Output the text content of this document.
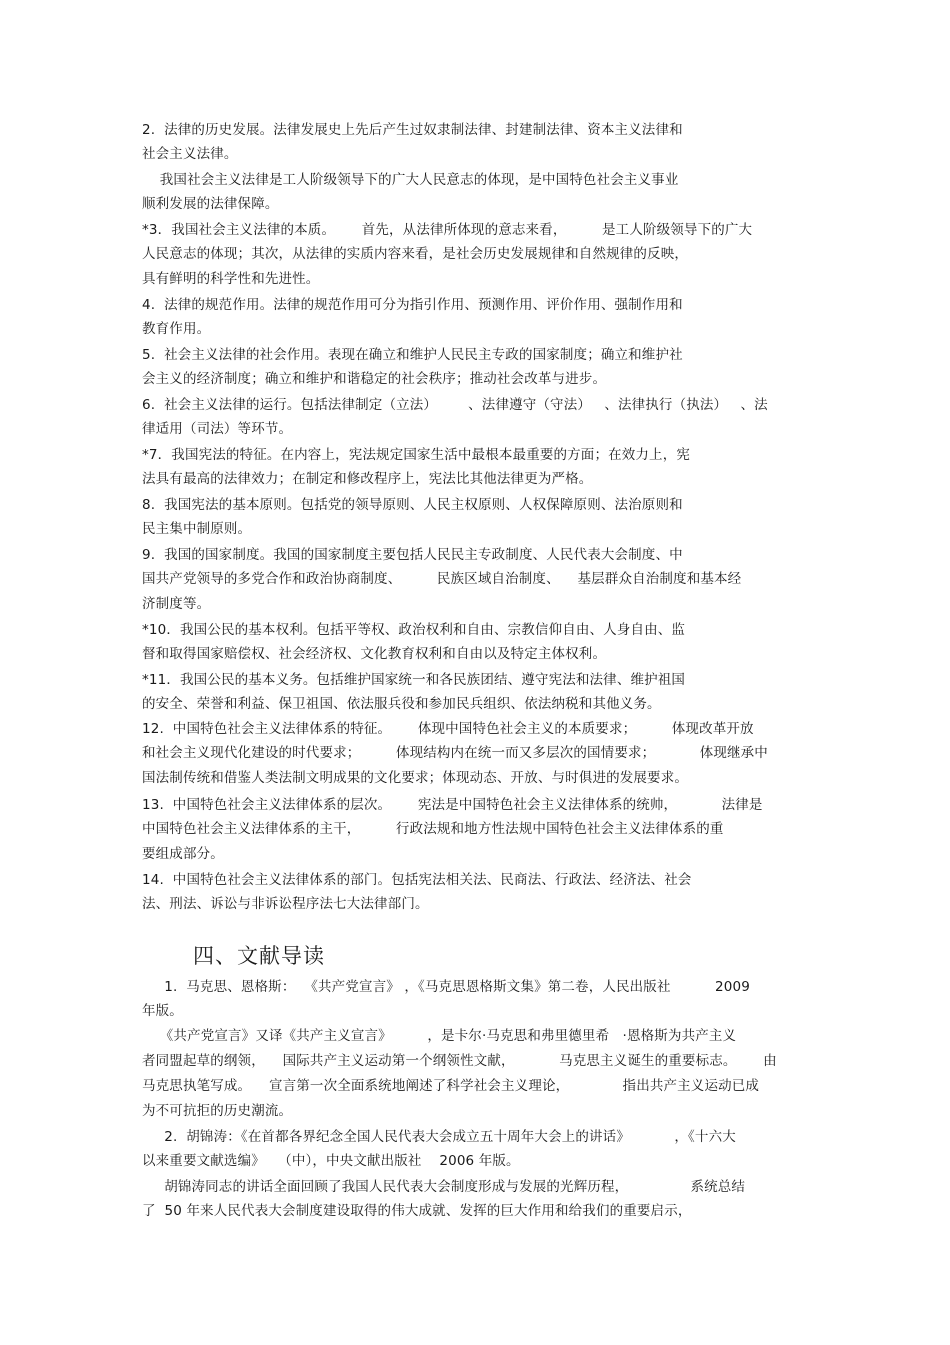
2.  法律的历史发展。法律发展史上先后产生过奴隶制法律、封建制法律、资本主义法律和
社会主义法律。
我国社会主义法律是工人阶级领导下的广大人民意志的体现，是中国特色社会主义事业
顺利发展的法律保障。
*3．我国社会主义法律的本质。      首先，从法律所体现的意志来看，        是工人阶级领导下的广大
人民意志的体现；其次，从法律的实质内容来看，是社会历史发展规律和自然规律的反映，
具有鲜明的科学性和先进性。
4.  法律的规范作用。法律的规范作用可分为指引作用、预测作用、评价作用、强制作用和
教育作用。
5.  社会主义法律的社会作用。表现在确立和维护人民民主专政的国家制度；确立和维护社
会主义的经济制度；确立和维护和谐稳定的社会秩序；推动社会改革与进步。
6.  社会主义法律的运行。包括法律制定（立法）       、法律遵守（守法）   、法律执行（执法）   、法
律适用（司法）等环节。
*7．我国宪法的特征。在内容上，宪法规定国家生活中最根本最重要的方面；在效力上，宪
法具有最高的法律效力；在制定和修改程序上，宪法比其他法律更为严格。
8.  我国宪法的基本原则。包括党的领导原则、人民主权原则、人权保障原则、法治原则和
民主集中制原则。
9.  我国的国家制度。我国的国家制度主要包括人民民主专政制度、人民代表大会制度、中
国共产党领导的多党合作和政治协商制度、        民族区域自治制度、    基层群众自治制度和基本经
济制度等。
*10．我国公民的基本权利。包括平等权、政治权利和自由、宗教信仰自由、人身自由、监
督和取得国家赔偿权、社会经济权、文化教育权利和自由以及特定主体权利。
*11．我国公民的基本义务。包括维护国家统一和各民族团结、遵守宪法和法律、维护祖国
的安全、荣誉和利益、保卫祖国、依法服兵役和参加民兵组织、依法纳税和其他义务。
12.  中国特色社会主义法律体系的特征。      体现中国特色社会主义的本质要求；        体现改革开放
和社会主义现代化建设的时代要求；        体现结构内在统一而又多层次的国情要求；          体现继承中
国法制传统和借鉴人类法制文明成果的文化要求；体现动态、开放、与时俱进的发展要求。
13.  中国特色社会主义法律体系的层次。      宪法是中国特色社会主义法律体系的统帅，          法律是
中国特色社会主义法律体系的主干，        行政法规和地方性法规中国特色社会主义法律体系的重
要组成部分。
14.  中国特色社会主义法律体系的部门。包括宪法相关法、民商法、行政法、经济法、社会
法、刑法、诉讼与非诉讼程序法七大法律部门。
四、文献导读
1.  马克思、恩格斯：  《共产党宣言》 ，《马克思恩格斯文集》第二卷，人民出版社          2009
年版。
《共产党宣言》又译《共产主义宣言》        ，是卡尔·马克思和弗里德里希   ·恩格斯为共产主义
者同盟起草的纲领，    国际共产主义运动第一个纲领性文献，          马克思主义诞生的重要标志。      由
马克思执笔写成。    宣言第一次全面系统地阐述了科学社会主义理论，            指出共产主义运动已成
为不可抗拒的历史潮流。
2.  胡锦涛：《在首都各界纪念全国人民代表大会成立五十周年大会上的讲话》          ，《十六大
以来重要文献选编》   （中），中央文献出版社    2006 年版。
胡锦涛同志的讲话全面回顾了我国人民代表大会制度形成与发展的光辉历程，              系统总结
了  50 年来人民代表大会制度建设取得的伟大成就、发挥的巨大作用和给我们的重要启示，
